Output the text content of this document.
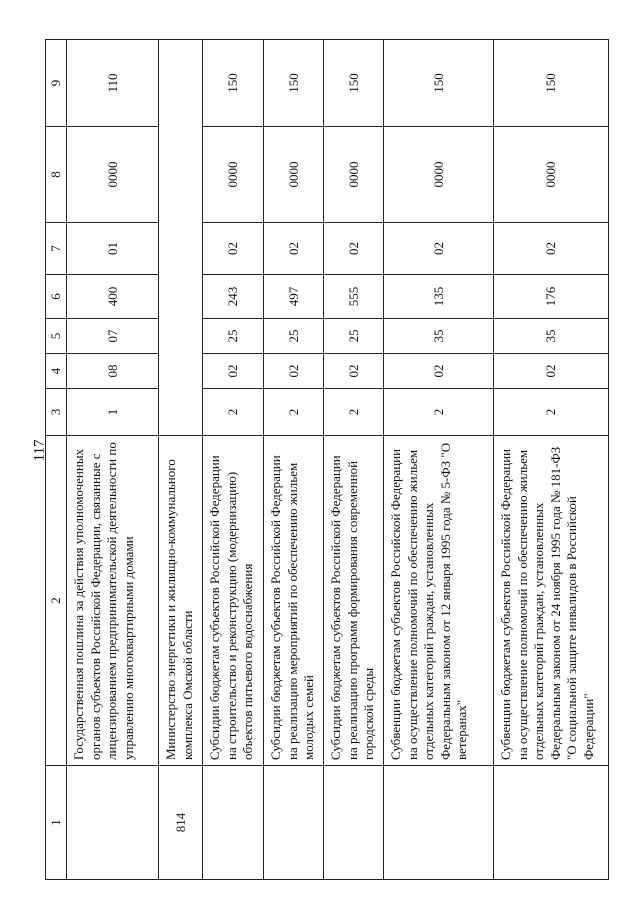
117
1	2	3	4	5	6	7	8	9
	Государственная пошлина за действия уполномоченных органов субъектов Российской Федерации, связанные с лицензированием предпринимательской деятельности по управлению многоквартирными домами	1	08	07	400	01	0000	110
814	Министерство энергетики и жилищно-коммунального комплекса Омской области							
	Субсидии бюджетам субъектов Российской Федерации на строительство и реконструкцию (модернизацию) объектов питьевого водоснабжения	2	02	25	243	02	0000	150
	Субсидии бюджетам субъектов Российской Федерации на реализацию мероприятий по обеспечению жильем молодых семей	2	02	25	497	02	0000	150
	Субсидии бюджетам субъектов Российской Федерации на реализацию программ формирования современной городской среды	2	02	25	555	02	0000	150
	Субвенции бюджетам субъектов Российской Федерации на осуществление полномочий по обеспечению жильем отдельных категорий граждан, установленных Федеральным законом от 12 января 1995 года № 5-ФЗ "О ветеранах"	2	02	35	135	02	0000	150
	Субвенции бюджетам субъектов Российской Федерации на осуществление полномочий по обеспечению жильем отдельных категорий граждан, установленных Федеральным законом от 24 ноября 1995 года № 181-ФЗ "О социальной защите инвалидов в Российской Федерации"	2	02	35	176	02	0000	150
